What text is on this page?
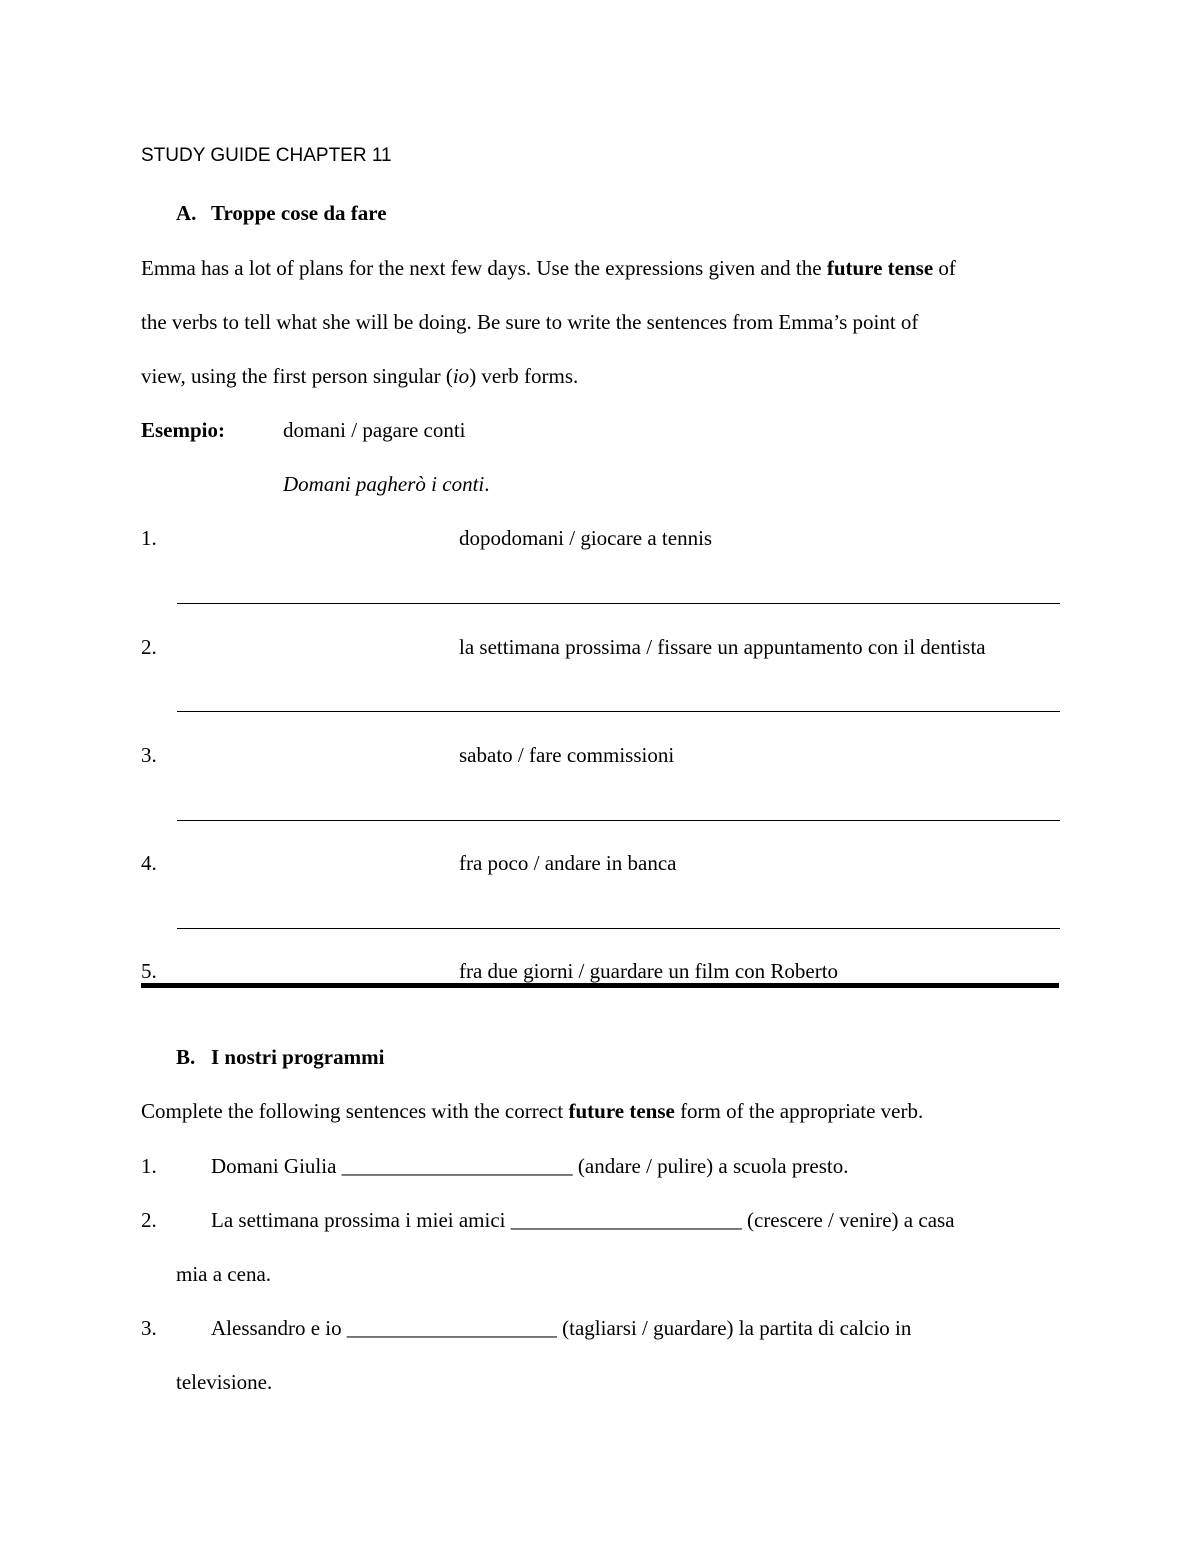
STUDY GUIDE CHAPTER 11
A. Troppe cose da fare
Emma has a lot of plans for the next few days. Use the expressions given and the future tense of
the verbs to tell what she will be doing. Be sure to write the sentences from Emma’s point of
view, using the first person singular (io) verb forms.
Esempio:	domani / pagare conti
Domani pagherò i conti.
1.	dopodomani / giocare a tennis
2.	la settimana prossima / fissare un appuntamento con il dentista
3.	sabato / fare commissioni
4.	fra poco / andare in banca
5.	fra due giorni / guardare un film con Roberto
B. I nostri programmi
Complete the following sentences with the correct future tense form of the appropriate verb.
1.	Domani Giulia ______________________ (andare / pulire) a scuola presto.
2.	La settimana prossima i miei amici ______________________ (crescere / venire) a casa
mia a cena.
3.	Alessandro e io ____________________ (tagliarsi / guardare) la partita di calcio in
televisione.
